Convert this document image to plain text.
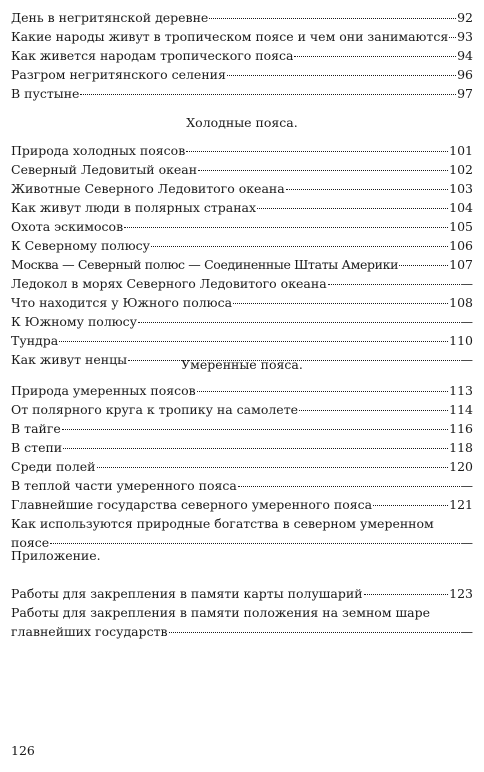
День в негритянской деревне	92
Какие народы живут в тропическом поясе и чем они занимаются 93
Как живется народам тропического пояса	94
Разгром негритянского селения	96
В пустыне	97
Холодные пояса.
Природа холодных поясов	101
Северный Ледовитый океан	102
Животные Северного Ледовитого океана	103
Как живут люди в полярных странах	104
Охота эскимосов	105
К Северному полюсу	106
Москва — Северный полюс — Соединенные Штаты Америки	107
Ледокол в морях Северного Ледовитого океана	—
Что находится у Южного полюса	108
К Южному полюсу	—
Тундра	110
Как живут ненцы	—
Умеренные пояса.
Природа умеренных поясов	113
От полярного круга к тропику на самолете	114
В тайге	116
В степи	118
Среди полей	120
В теплой части умеренного пояса	—
Главнейшие государства северного умеренного пояса	121
Как используются природные богатства в северном умеренном
поясе	—
Приложение.
Работы для закрепления в памяти карты полушарий	123
Работы для закрепления в памяти положения на земном шаре
главнейших государств	—
126
